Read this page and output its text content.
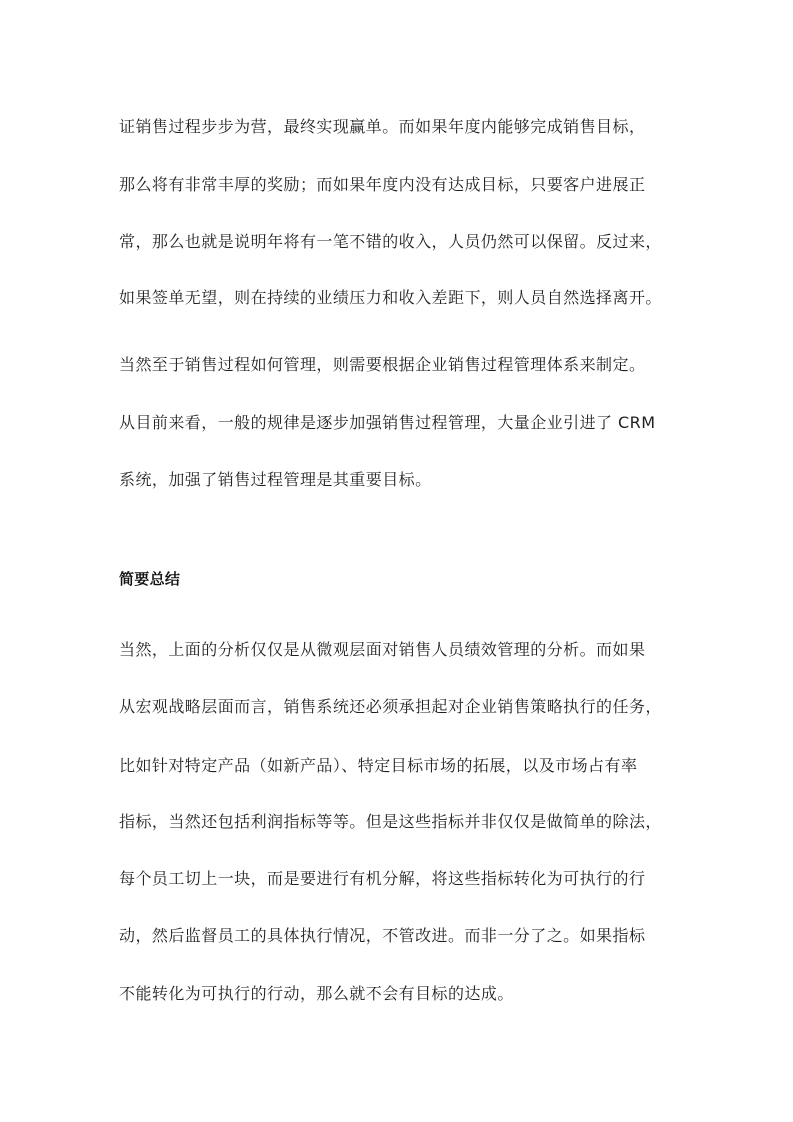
证销售过程步步为营，最终实现赢单。而如果年度内能够完成销售目标，
那么将有非常丰厚的奖励；而如果年度内没有达成目标，只要客户进展正
常，那么也就是说明年将有一笔不错的收入，人员仍然可以保留。反过来，
如果签单无望，则在持续的业绩压力和收入差距下，则人员自然选择离开。
当然至于销售过程如何管理，则需要根据企业销售过程管理体系来制定。
从目前来看，一般的规律是逐步加强销售过程管理，大量企业引进了 CRM
系统，加强了销售过程管理是其重要目标。
简要总结
当然，上面的分析仅仅是从微观层面对销售人员绩效管理的分析。而如果
从宏观战略层面而言，销售系统还必须承担起对企业销售策略执行的任务，
比如针对特定产品（如新产品）、特定目标市场的拓展，以及市场占有率
指标，当然还包括利润指标等等。但是这些指标并非仅仅是做简单的除法，
每个员工切上一块，而是要进行有机分解，将这些指标转化为可执行的行
动，然后监督员工的具体执行情况，不管改进。而非一分了之。如果指标
不能转化为可执行的行动，那么就不会有目标的达成。
